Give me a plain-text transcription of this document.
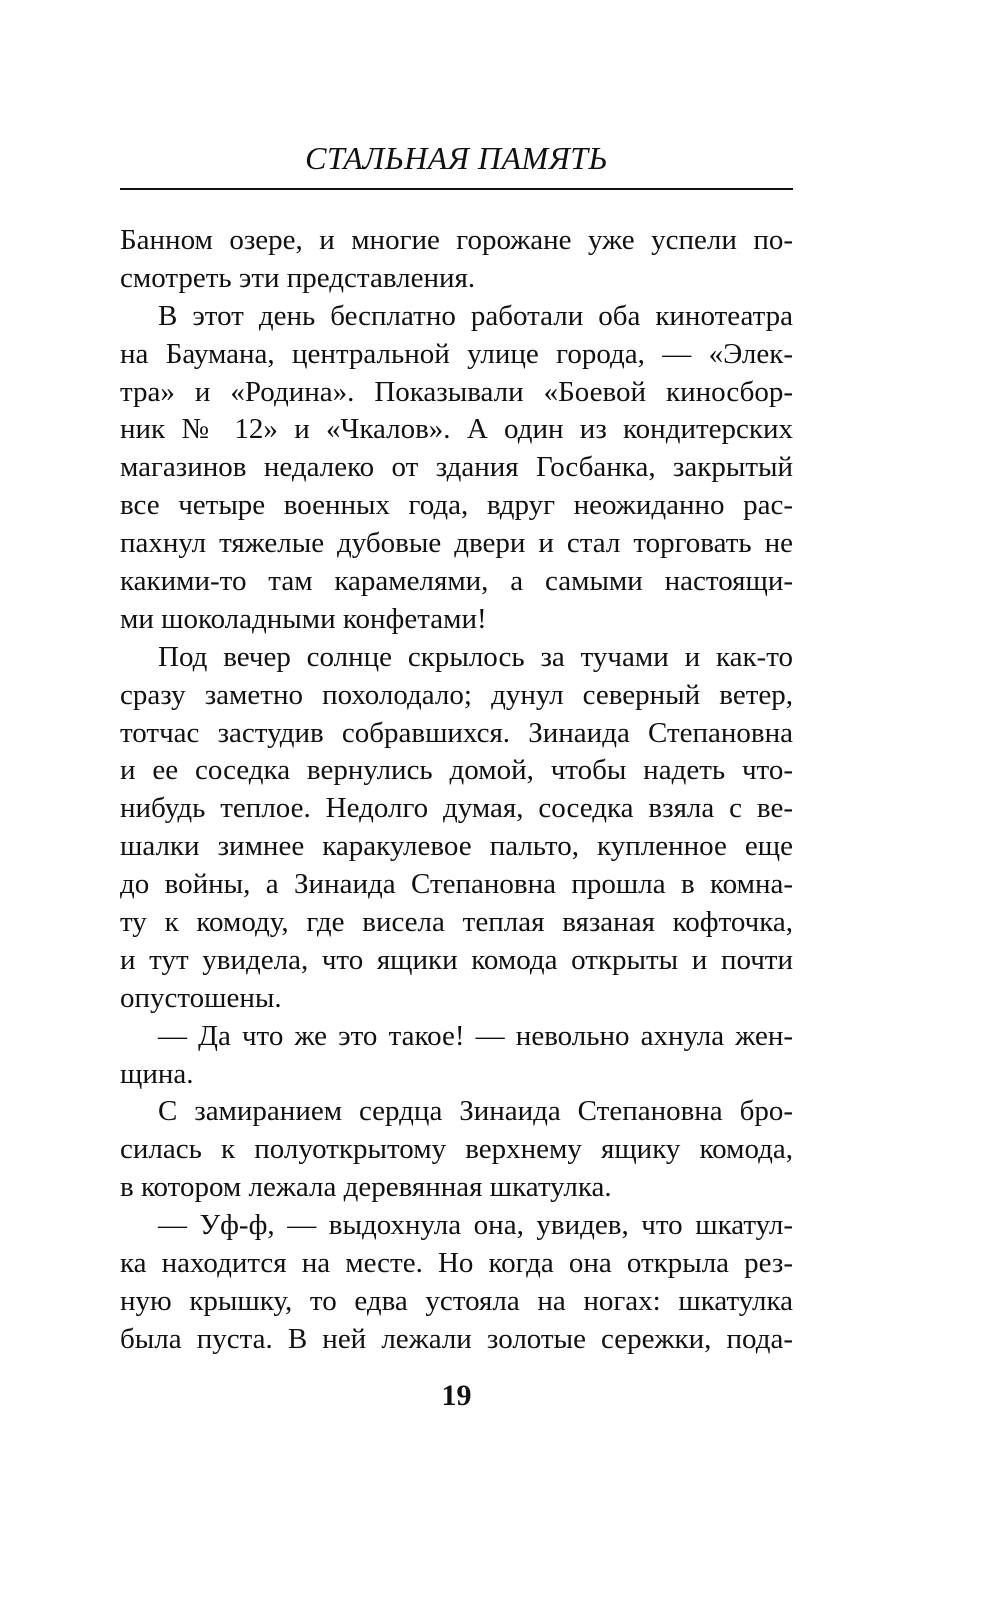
СТАЛЬНАЯ ПАМЯТЬ
Банном озере, и многие горожане уже успели по-
смотреть эти представления.
В этот день бесплатно работали оба кинотеатра
на Баумана, центральной улице города, — «Элек-
тра» и «Родина». Показывали «Боевой киносбор-
ник № 12» и «Чкалов». А один из кондитерских
магазинов недалеко от здания Госбанка, закрытый
все четыре военных года, вдруг неожиданно рас-
пахнул тяжелые дубовые двери и стал торговать не
какими-то там карамелями, а самыми настоящи-
ми шоколадными конфетами!
Под вечер солнце скрылось за тучами и как-то
сразу заметно похолодало; дунул северный ветер,
тотчас застудив собравшихся. Зинаида Степановна
и ее соседка вернулись домой, чтобы надеть что-
нибудь теплое. Недолго думая, соседка взяла с ве-
шалки зимнее каракулевое пальто, купленное еще
до войны, а Зинаида Степановна прошла в комна-
ту к комоду, где висела теплая вязаная кофточка,
и тут увидела, что ящики комода открыты и почти
опустошены.
— Да что же это такое! — невольно ахнула жен-
щина.
С замиранием сердца Зинаида Степановна бро-
силась к полуоткрытому верхнему ящику комода,
в котором лежала деревянная шкатулка.
— Уф-ф, — выдохнула она, увидев, что шкатул-
ка находится на месте. Но когда она открыла рез-
ную крышку, то едва устояла на ногах: шкатулка
была пуста. В ней лежали золотые сережки, пода-
19
